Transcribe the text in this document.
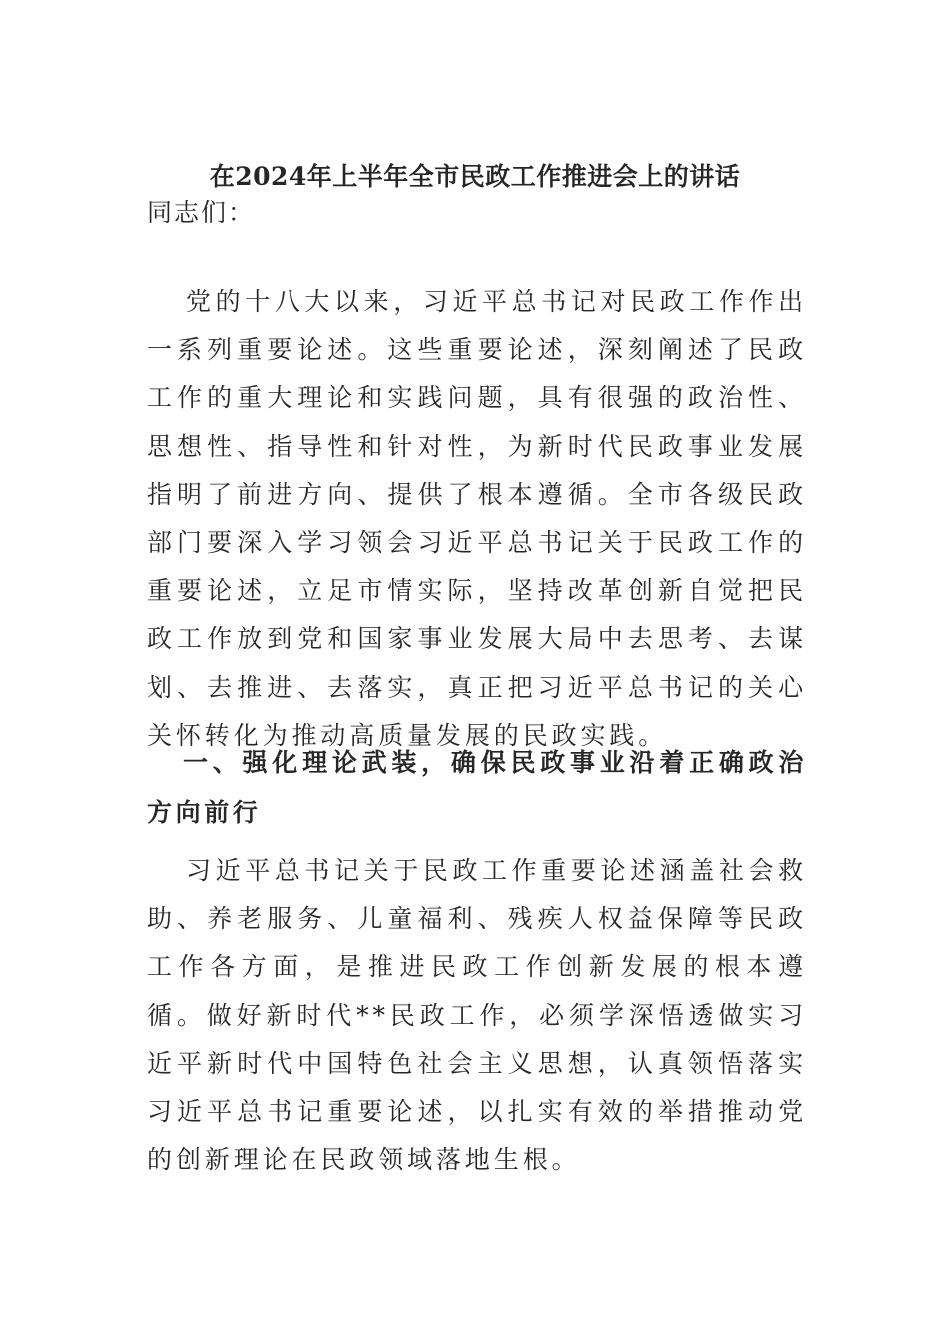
在2024年上半年全市民政工作推进会上的讲话
同志们：

党的十八大以来，习近平总书记对民政工作作出一系列重要论述。这些重要论述，深刻阐述了民政工作的重大理论和实践问题，具有很强的政治性、思想性、指导性和针对性，为新时代民政事业发展指明了前进方向、提供了根本遵循。全市各级民政部门要深入学习领会习近平总书记关于民政工作的重要论述，立足市情实际，坚持改革创新自觉把民政工作放到党和国家事业发展大局中去思考、去谋划、去推进、去落实，真正把习近平总书记的关心关怀转化为推动高质量发展的民政实践。

一、强化理论武装，确保民政事业沿着正确政治方向前行

习近平总书记关于民政工作重要论述涵盖社会救助、养老服务、儿童福利、残疾人权益保障等民政工作各方面，是推进民政工作创新发展的根本遵循。做好新时代**民政工作，必须学深悟透做实习近平新时代中国特色社会主义思想，认真领悟落实习近平总书记重要论述，以扎实有效的举措推动党的创新理论在民政领域落地生根。
